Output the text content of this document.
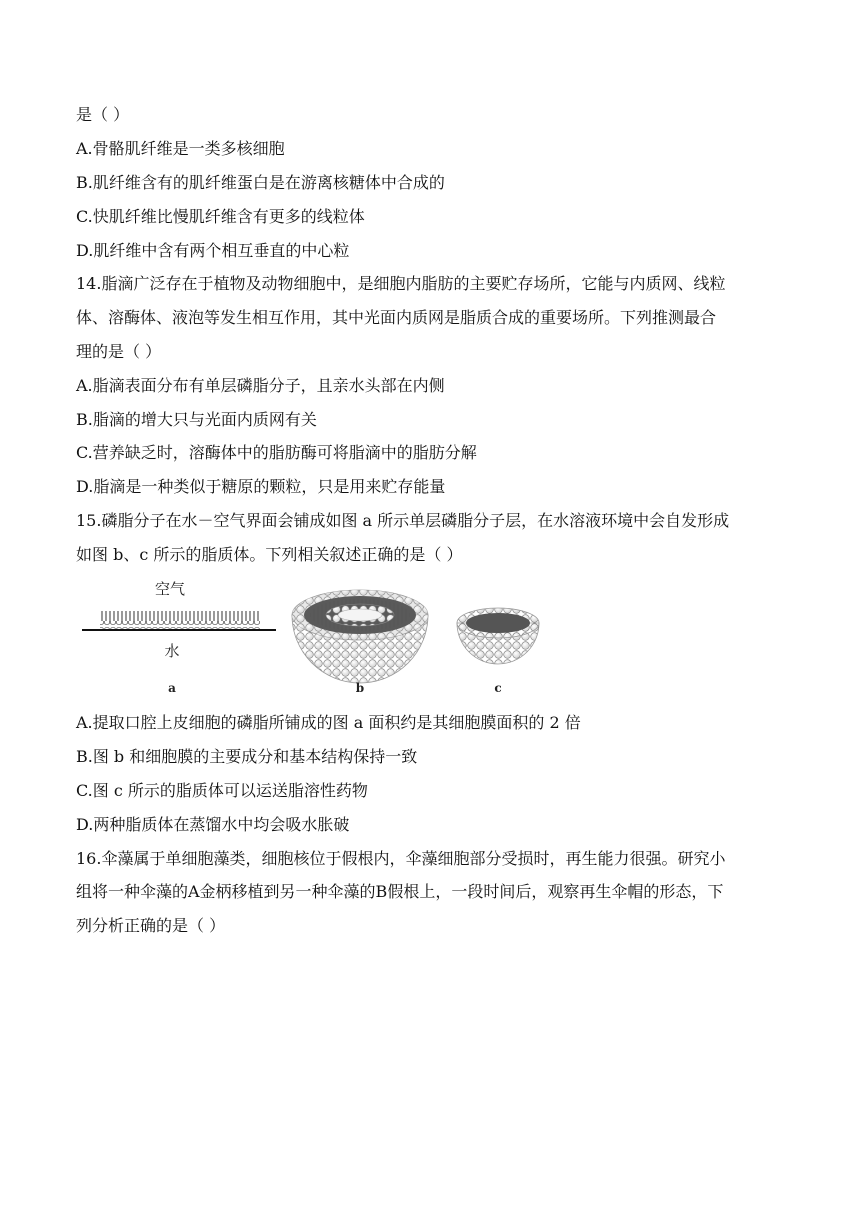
是（ ）
A.骨骼肌纤维是一类多核细胞
B.肌纤维含有的肌纤维蛋白是在游离核糖体中合成的
C.快肌纤维比慢肌纤维含有更多的线粒体
D.肌纤维中含有两个相互垂直的中心粒
14.脂滴广泛存在于植物及动物细胞中，是细胞内脂肪的主要贮存场所，它能与内质网、线粒
体、溶酶体、液泡等发生相互作用，其中光面内质网是脂质合成的重要场所。下列推测最合
理的是（ ）
A.脂滴表面分布有单层磷脂分子，且亲水头部在内侧
B.脂滴的增大只与光面内质网有关
C.营养缺乏时，溶酶体中的脂肪酶可将脂滴中的脂肪分解
D.脂滴是一种类似于糖原的颗粒，只是用来贮存能量
15.磷脂分子在水－空气界面会铺成如图 a 所示单层磷脂分子层，在水溶液环境中会自发形成
如图 b、c 所示的脂质体。下列相关叙述正确的是（ ）
空气
水
a	b	c
A.提取口腔上皮细胞的磷脂所铺成的图 a 面积约是其细胞膜面积的 2 倍
B.图 b 和细胞膜的主要成分和基本结构保持一致
C.图 c 所示的脂质体可以运送脂溶性药物
D.两种脂质体在蒸馏水中均会吸水胀破
16.伞藻属于单细胞藻类，细胞核位于假根内，伞藻细胞部分受损时，再生能力很强。研究小
组将一种伞藻的A金柄移植到另一种伞藻的B假根上，一段时间后，观察再生伞帽的形态，下
列分析正确的是（ ）
